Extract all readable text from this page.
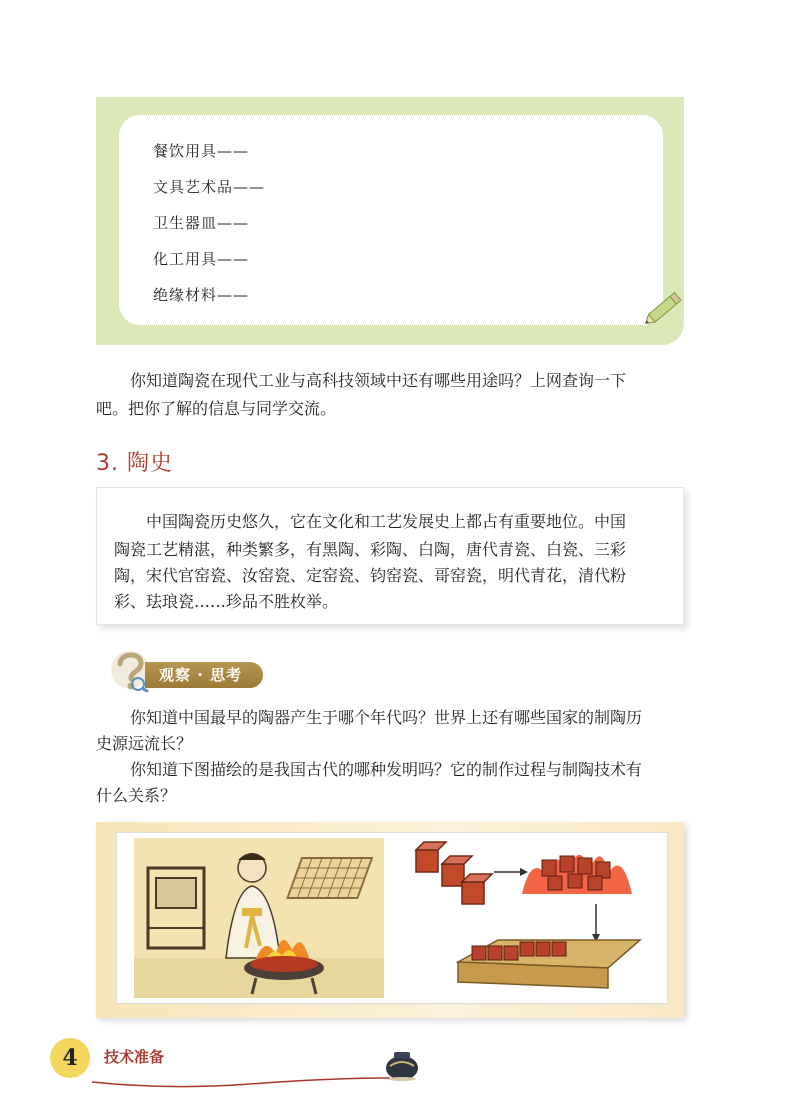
餐饮用具——
文具艺术品——
卫生器皿——
化工用具——
绝缘材料——
你知道陶瓷在现代工业与高科技领域中还有哪些用途吗？上网查询一下
吧。把你了解的信息与同学交流。
3. 陶史
中国陶瓷历史悠久，它在文化和工艺发展史上都占有重要地位。中国
陶瓷工艺精湛，种类繁多，有黑陶、彩陶、白陶，唐代青瓷、白瓷、三彩
陶，宋代官窑瓷、汝窑瓷、定窑瓷、钧窑瓷、哥窑瓷，明代青花，清代粉
彩、珐琅瓷……珍品不胜枚举。
观察 · 思考
你知道中国最早的陶器产生于哪个年代吗？世界上还有哪些国家的制陶历
史源远流长？
你知道下图描绘的是我国古代的哪种发明吗？它的制作过程与制陶技术有
什么关系？
4	技术准备
